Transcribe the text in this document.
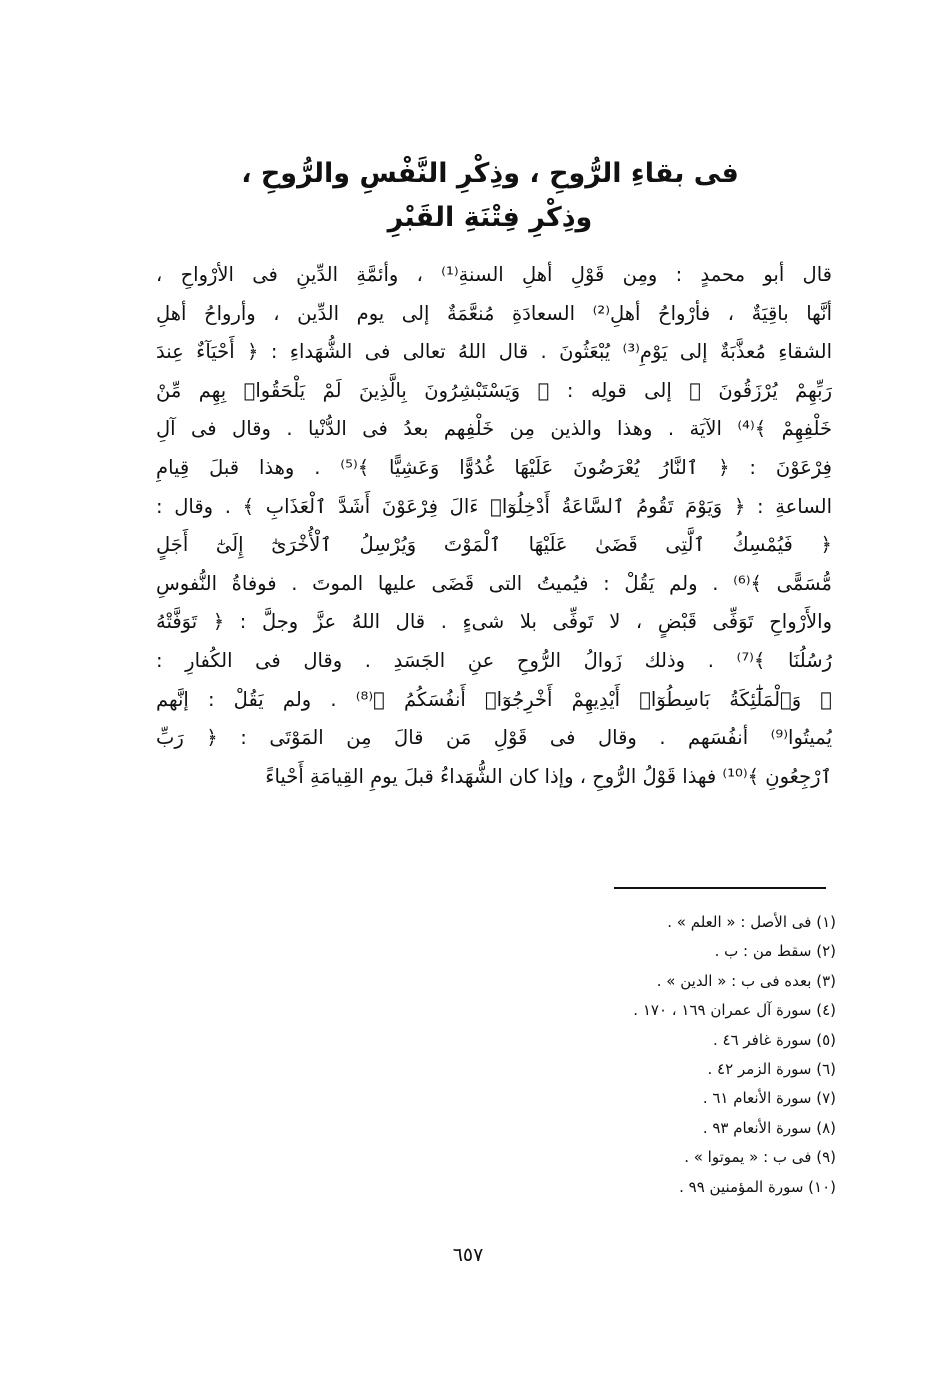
فى بقاءِ الرُّوحِ ، وذِكْرِ النَّفْسِ والرُّوحِ ،
وذِكْرِ فِتْنَةِ القَبْرِ
قال أبو محمدٍ : ومِن قَوْلِ أهلِ السنةِ⁽¹⁾ ، وأئمَّةِ الدِّينِ فى الأرْواحِ ،
أنَّها باقِيَةٌ ، فأرْواحُ أهلِ⁽²⁾ السعادَةِ مُنعَّمَةٌ إلى يوم الدِّين ، وأرواحُ أهلِ
الشقاءِ مُعذَّبَةٌ إلى يَوْمِ⁽³⁾ يُبْعَثُونَ . قال اللهُ تعالى فى الشُّهَداءِ : ﴿ أَحْيَآءٌ عِندَ
رَبِّهِمْ يُرْزَقُونَ ﴾ إلى قولِه : ﴿ وَيَسْتَبْشِرُونَ بِالَّذِينَ لَمْ يَلْحَقُوا۟ بِهِم مِّنْ
خَلْفِهِمْ ﴾⁽⁴⁾ الآيَة . وهذا والذين مِن خَلْفِهم بعدُ فى الدُّنْيا . وقال فى آلِ
فِرْعَوْنَ : ﴿ ٱلنَّارُ يُعْرَضُونَ عَلَيْهَا غُدُوًّا وَعَشِيًّا ﴾⁽⁵⁾ . وهذا قبلَ قِيامِ
الساعةِ : ﴿ وَيَوْمَ تَقُومُ ٱلسَّاعَةُ أَدْخِلُوٓا۟ ءَالَ فِرْعَوْنَ أَشَدَّ ٱلْعَذَابِ ﴾ . وقال :
﴿ فَيُمْسِكُ ٱلَّتِى قَضَىٰ عَلَيْهَا ٱلْمَوْتَ وَيُرْسِلُ ٱلْأُخْرَىٰٓ إِلَىٰٓ أَجَلٍ
مُّسَمًّى ﴾⁽⁶⁾ . ولم يَقُلْ : فيُميتُ التى قَضَى عليها الموتَ . فوفاةُ النُّفوسِ
والأَرْواحِ تَوَفِّى قَبْضٍ ، لا تَوفِّى بلا شىءٍ . قال اللهُ عزَّ وجلَّ : ﴿ تَوَفَّتْهُ
رُسُلُنَا ﴾⁽⁷⁾ . وذلك زَوالُ الرُّوحِ عنِ الجَسَدِ . وقال فى الكُفارِ :
﴿ وَٱلْمَلَٰٓئِكَةُ بَاسِطُوٓا۟ أَيْدِيهِمْ أَخْرِجُوٓا۟ أَنفُسَكُمُ ﴾⁽⁸⁾ . ولم يَقُلْ : إنَّهم
يُميتُوا⁽⁹⁾ أنفُسَهم . وقال فى قَوْلِ مَن قالَ مِن المَوْتَى : ﴿ رَبِّ
ٱرْجِعُونِ ﴾⁽¹⁰⁾ فهذا قَوْلُ الرُّوحِ ، وإذا كان الشُّهَداءُ قبلَ يومِ القِيامَةِ أَحْياءً
(١) فى الأصل : « العلم » .
(٢) سقط من : ب .
(٣) بعده فى ب : « الدين » .
(٤) سورة آل عمران ١٦٩ ، ١٧٠ .
(٥) سورة غافر ٤٦ .
(٦) سورة الزمر ٤٢ .
(٧) سورة الأنعام ٦١ .
(٨) سورة الأنعام ٩٣ .
(٩) فى ب : « يموتوا » .
(١٠) سورة المؤمنين ٩٩ .
٦٥٧
